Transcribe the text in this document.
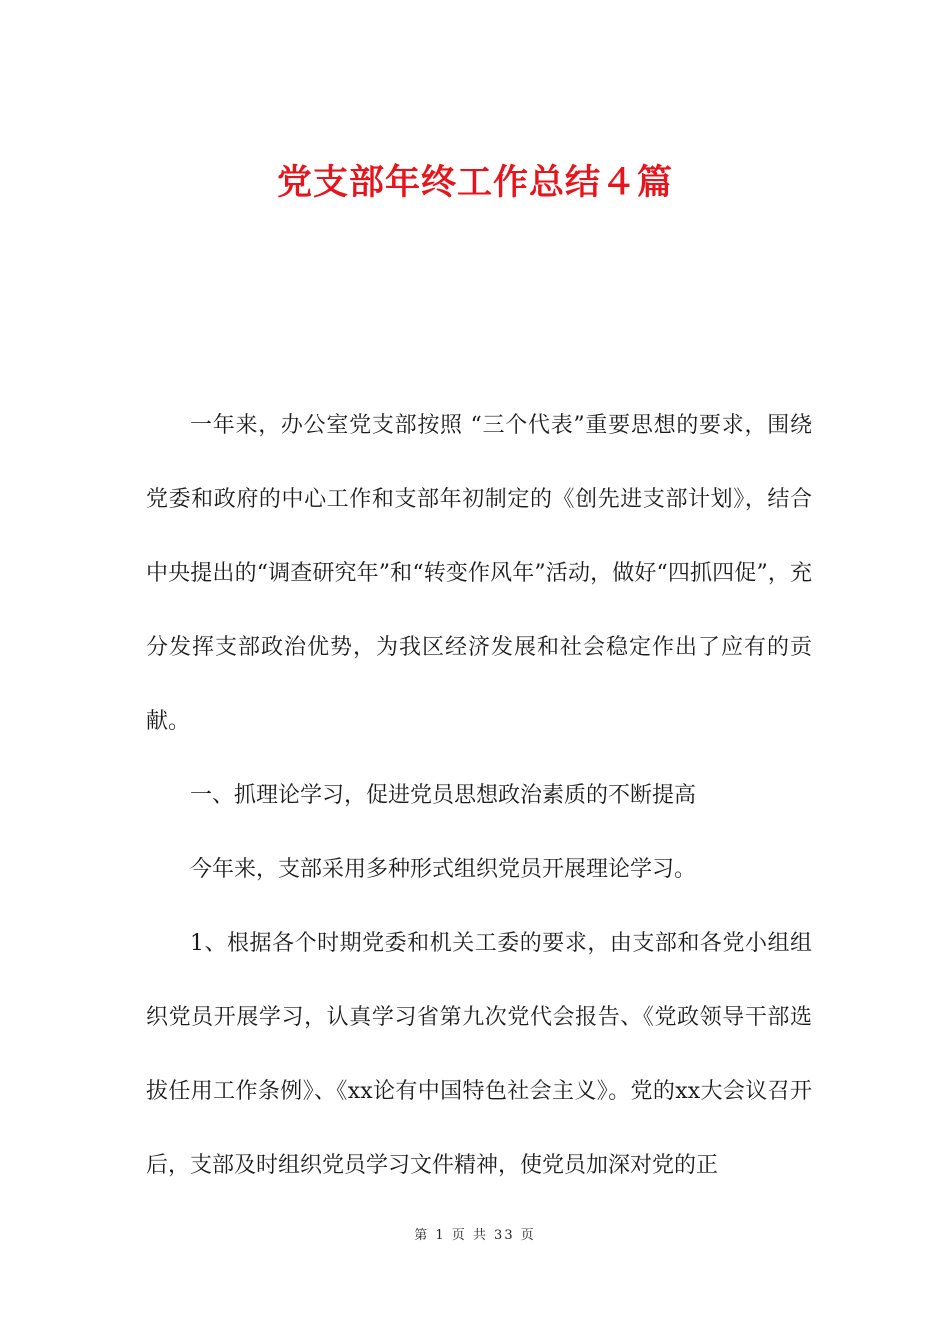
党支部年终工作总结４篇

一年来，办公室党支部按照 “三个代表”重要思想的要求，围绕党委和政府的中心工作和支部年初制定的《创先进支部计划》，结合中央提出的“调查研究年”和“转变作风年”活动，做好“四抓四促”，充分发挥支部政治优势，为我区经济发展和社会稳定作出了应有的贡献。

一、抓理论学习，促进党员思想政治素质的不断提高

今年来，支部采用多种形式组织党员开展理论学习。

1、根据各个时期党委和机关工委的要求，由支部和各党小组组织党员开展学习，认真学习省第九次党代会报告、《党政领导干部选拔任用工作条例》、《xx论有中国特色社会主义》。党的xx大会议召开后，支部及时组织党员学习文件精神，使党员加深对党的正

第 1 页 共 33 页
